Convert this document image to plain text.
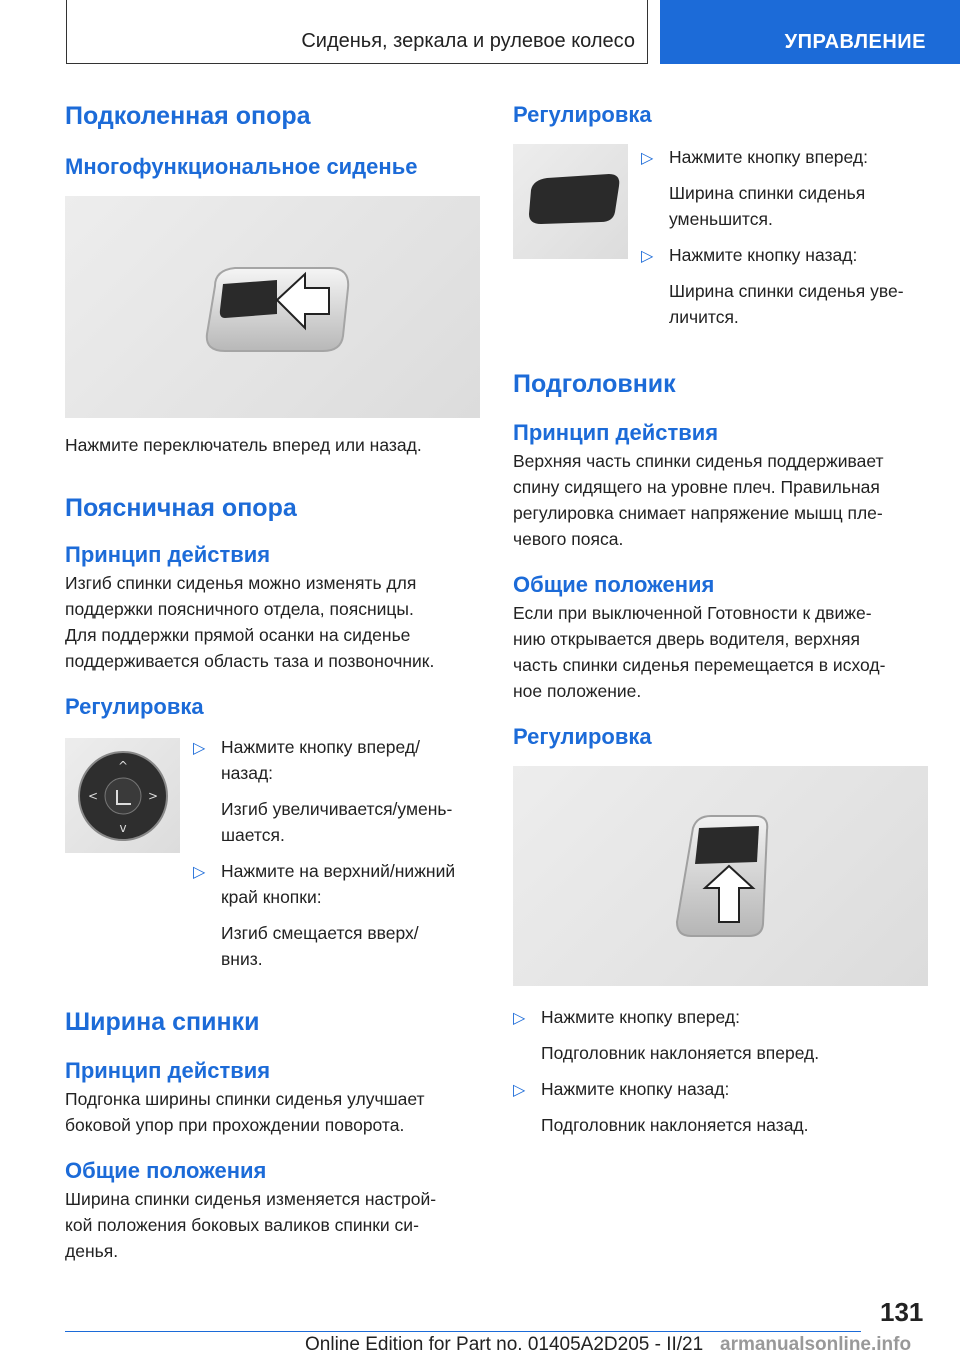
Сиденья, зеркала и рулевое колесо	УПРАВЛЕНИЕ
Подколенная опора
Многофункциональное сиденье
Нажмите переключатель вперед или назад.
Поясничная опора
Принцип действия
Изгиб спинки сиденья можно изменять для
поддержки поясничного отдела, поясницы.
Для поддержки прямой осанки на сиденье
поддерживается область таза и позвоночник.
Регулировка
^
v
<	>
▷ Нажмите кнопку вперед/
назад:
Изгиб увеличивается/умень-
шается.
▷ Нажмите на верхний/нижний
край кнопки:
Изгиб смещается вверх/
вниз.
Ширина спинки
Принцип действия
Подгонка ширины спинки сиденья улучшает
боковой упор при прохождении поворота.
Общие положения
Ширина спинки сиденья изменяется настрой-
кой положения боковых валиков спинки си-
денья.
Регулировка
▷ Нажмите кнопку вперед:
Ширина спинки сиденья
уменьшится.
▷ Нажмите кнопку назад:
Ширина спинки сиденья уве-
личится.
Подголовник
Принцип действия
Верхняя часть спинки сиденья поддерживает
спину сидящего на уровне плеч. Правильная
регулировка снимает напряжение мышц пле-
чевого пояса.
Общие положения
Если при выключенной Готовности к движе-
нию открывается дверь водителя, верхняя
часть спинки сиденья перемещается в исход-
ное положение.
Регулировка
▷ Нажмите кнопку вперед:
Подголовник наклоняется вперед.
▷ Нажмите кнопку назад:
Подголовник наклоняется назад.
131
Online Edition for Part no. 01405A2D205 - II/21 armanualsonline.info
